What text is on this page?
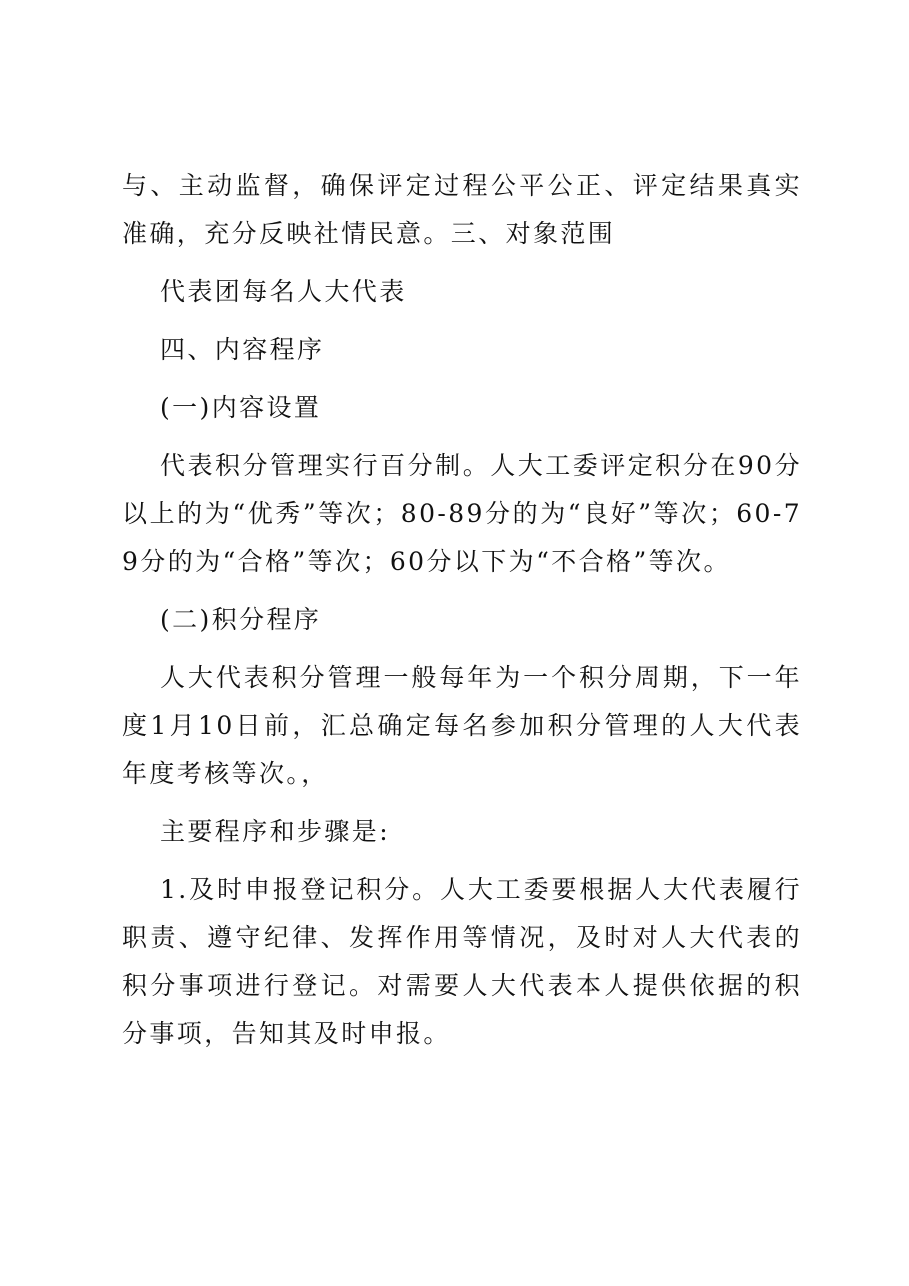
与、主动监督，确保评定过程公平公正、评定结果真实准确，充分反映社情民意。三、对象范围

代表团每名人大代表

四、内容程序

(一)内容设置

代表积分管理实行百分制。人大工委评定积分在90分以上的为“优秀”等次；80-89分的为“良好”等次；60-79分的为“合格”等次；60分以下为“不合格”等次。

(二)积分程序

人大代表积分管理一般每年为一个积分周期，下一年度1月10日前，汇总确定每名参加积分管理的人大代表年度考核等次。，

主要程序和步骤是:

1.及时申报登记积分。人大工委要根据人大代表履行职责、遵守纪律、发挥作用等情况，及时对人大代表的积分事项进行登记。对需要人大代表本人提供依据的积分事项，告知其及时申报。
